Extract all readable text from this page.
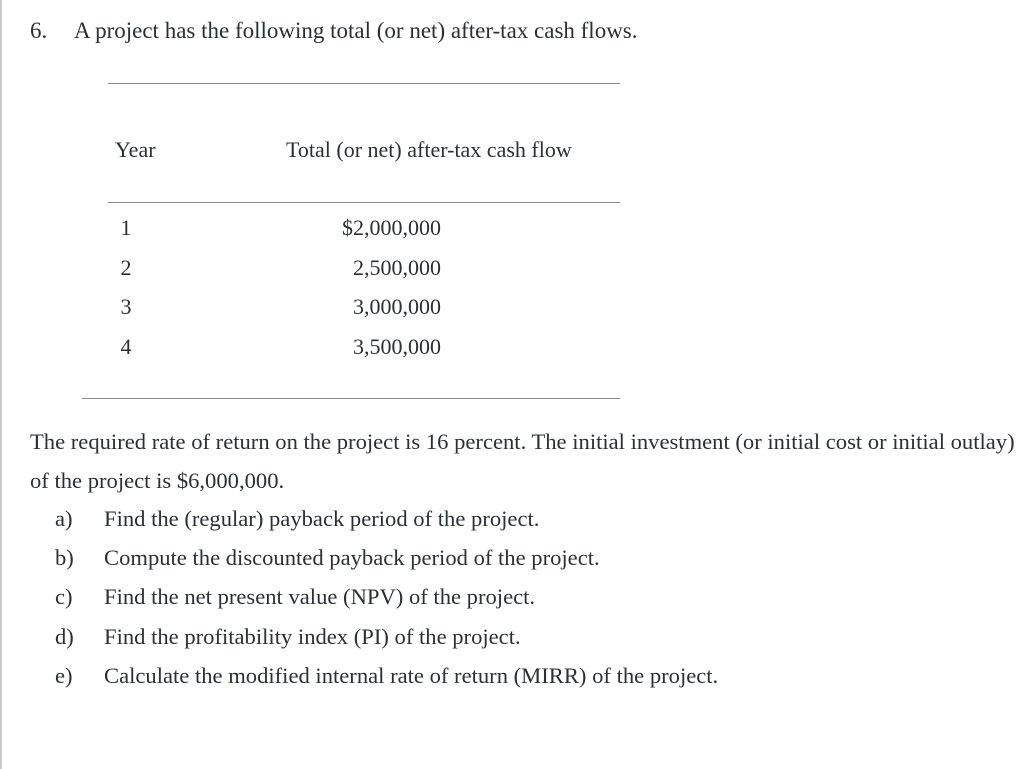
6. A project has the following total (or net) after-tax cash flows.
Year	Total (or net) after-tax cash flow
1	$2,000,000
2	2,500,000
3	3,000,000
4	3,500,000
The required rate of return on the project is 16 percent. The initial investment (or initial cost or initial outlay) of the project is $6,000,000.
a) Find the (regular) payback period of the project.
b) Compute the discounted payback period of the project.
c) Find the net present value (NPV) of the project.
d) Find the profitability index (PI) of the project.
e) Calculate the modified internal rate of return (MIRR) of the project.
